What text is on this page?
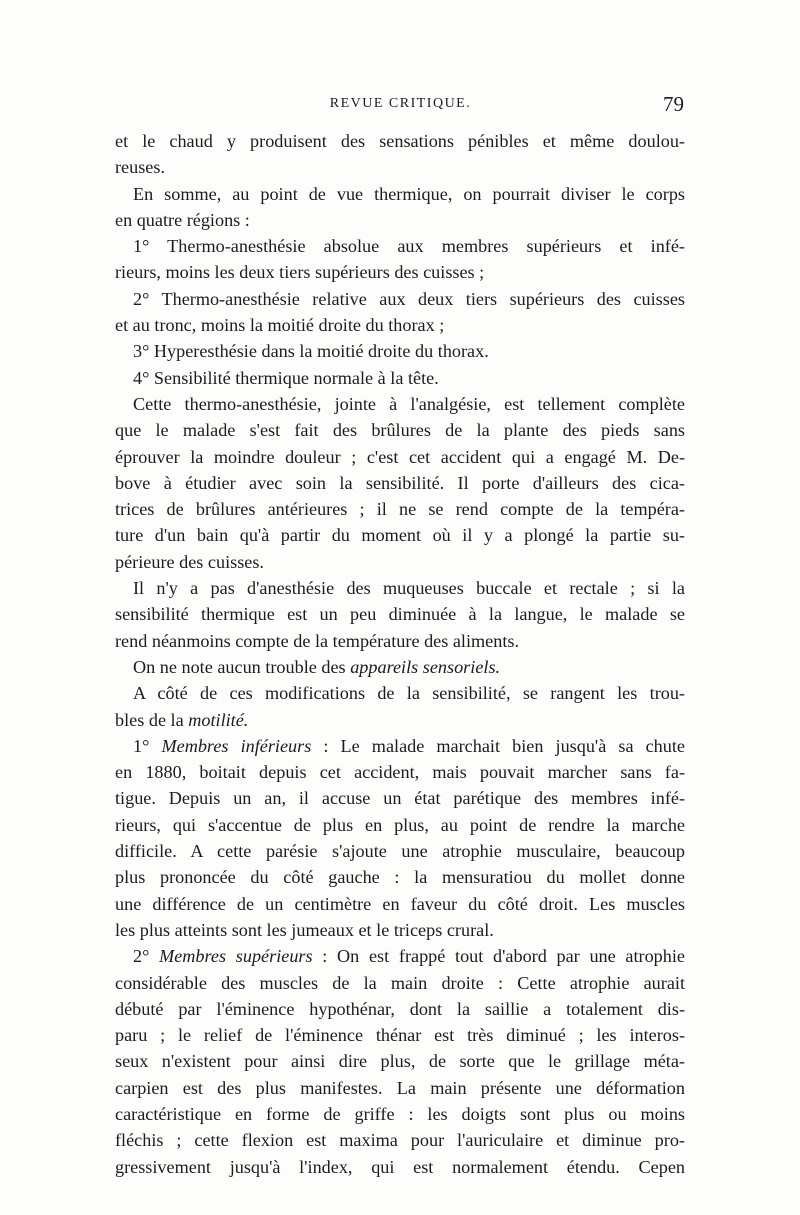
REVUE CRITIQUE.	79
et le chaud y produisent des sensations pénibles et même doulou-
reuses.
En somme, au point de vue thermique, on pourrait diviser le corps
en quatre régions :
1° Thermo-anesthésie absolue aux membres supérieurs et infé-
rieurs, moins les deux tiers supérieurs des cuisses ;
2° Thermo-anesthésie relative aux deux tiers supérieurs des cuisses
et au tronc, moins la moitié droite du thorax ;
3° Hyperesthésie dans la moitié droite du thorax.
4° Sensibilité thermique normale à la tête.
Cette thermo-anesthésie, jointe à l'analgésie, est tellement complète
que le malade s'est fait des brûlures de la plante des pieds sans
éprouver la moindre douleur ; c'est cet accident qui a engagé M. De-
bove à étudier avec soin la sensibilité. Il porte d'ailleurs des cica-
trices de brûlures antérieures ; il ne se rend compte de la tempéra-
ture d'un bain qu'à partir du moment où il y a plongé la partie su-
périeure des cuisses.
Il n'y a pas d'anesthésie des muqueuses buccale et rectale ; si la
sensibilité thermique est un peu diminuée à la langue, le malade se
rend néanmoins compte de la température des aliments.
On ne note aucun trouble des appareils sensoriels.
A côté de ces modifications de la sensibilité, se rangent les trou-
bles de la motilité.
1° Membres inférieurs : Le malade marchait bien jusqu'à sa chute
en 1880, boitait depuis cet accident, mais pouvait marcher sans fa-
tigue. Depuis un an, il accuse un état parétique des membres infé-
rieurs, qui s'accentue de plus en plus, au point de rendre la marche
difficile. A cette parésie s'ajoute une atrophie musculaire, beaucoup
plus prononcée du côté gauche : la mensuratiou du mollet donne
une différence de un centimètre en faveur du côté droit. Les muscles
les plus atteints sont les jumeaux et le triceps crural.
2° Membres supérieurs : On est frappé tout d'abord par une atrophie
considérable des muscles de la main droite : Cette atrophie aurait
débuté par l'éminence hypothénar, dont la saillie a totalement dis-
paru ; le relief de l'éminence thénar est très diminué ; les interos-
seux n'existent pour ainsi dire plus, de sorte que le grillage méta-
carpien est des plus manifestes. La main présente une déformation
caractéristique en forme de griffe : les doigts sont plus ou moins
fléchis ; cette flexion est maxima pour l'auriculaire et diminue pro-
gressivement jusqu'à l'index, qui est normalement étendu. Cepen
